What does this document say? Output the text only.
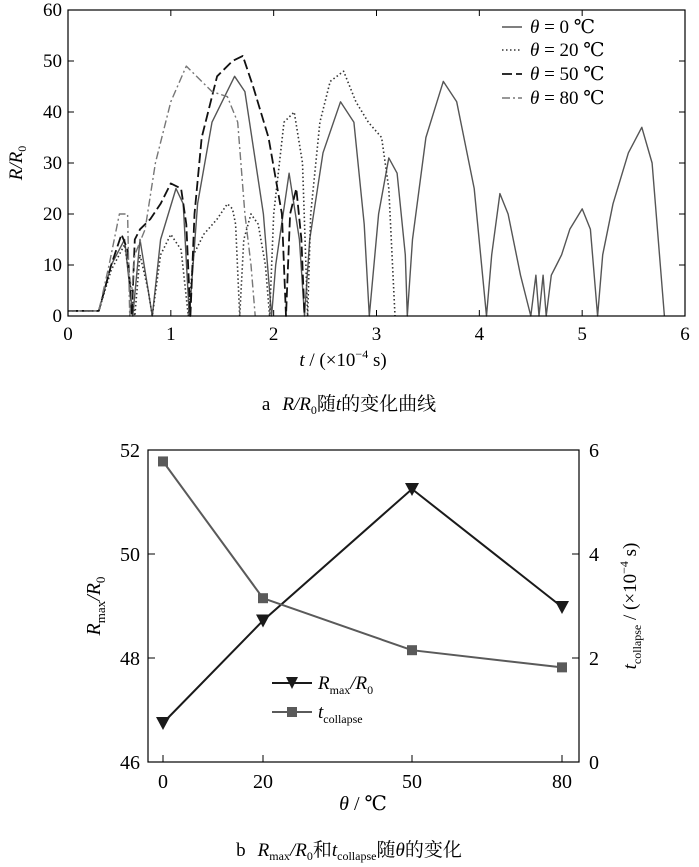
0	1	2	3	4	5	6
0
10
20
30
40
50
60
$R/R_0$
$t / (\times 10^{-4}$ s)
θ = 0 ℃
θ = 20 ℃
θ = 50 ℃
θ = 80 ℃
a $R/R_0$随t的变化曲线
0	20	50	80
46
48
50
52
0
2
4
6
$R_{max}/R_0$
$t_{collapse} / (\times 10^{-4}$ s)
θ / ℃
$R_{max}/R_0$
$t_{collapse}$
b $R_{max}/R_0$和$t_{collapse}$随θ的变化
